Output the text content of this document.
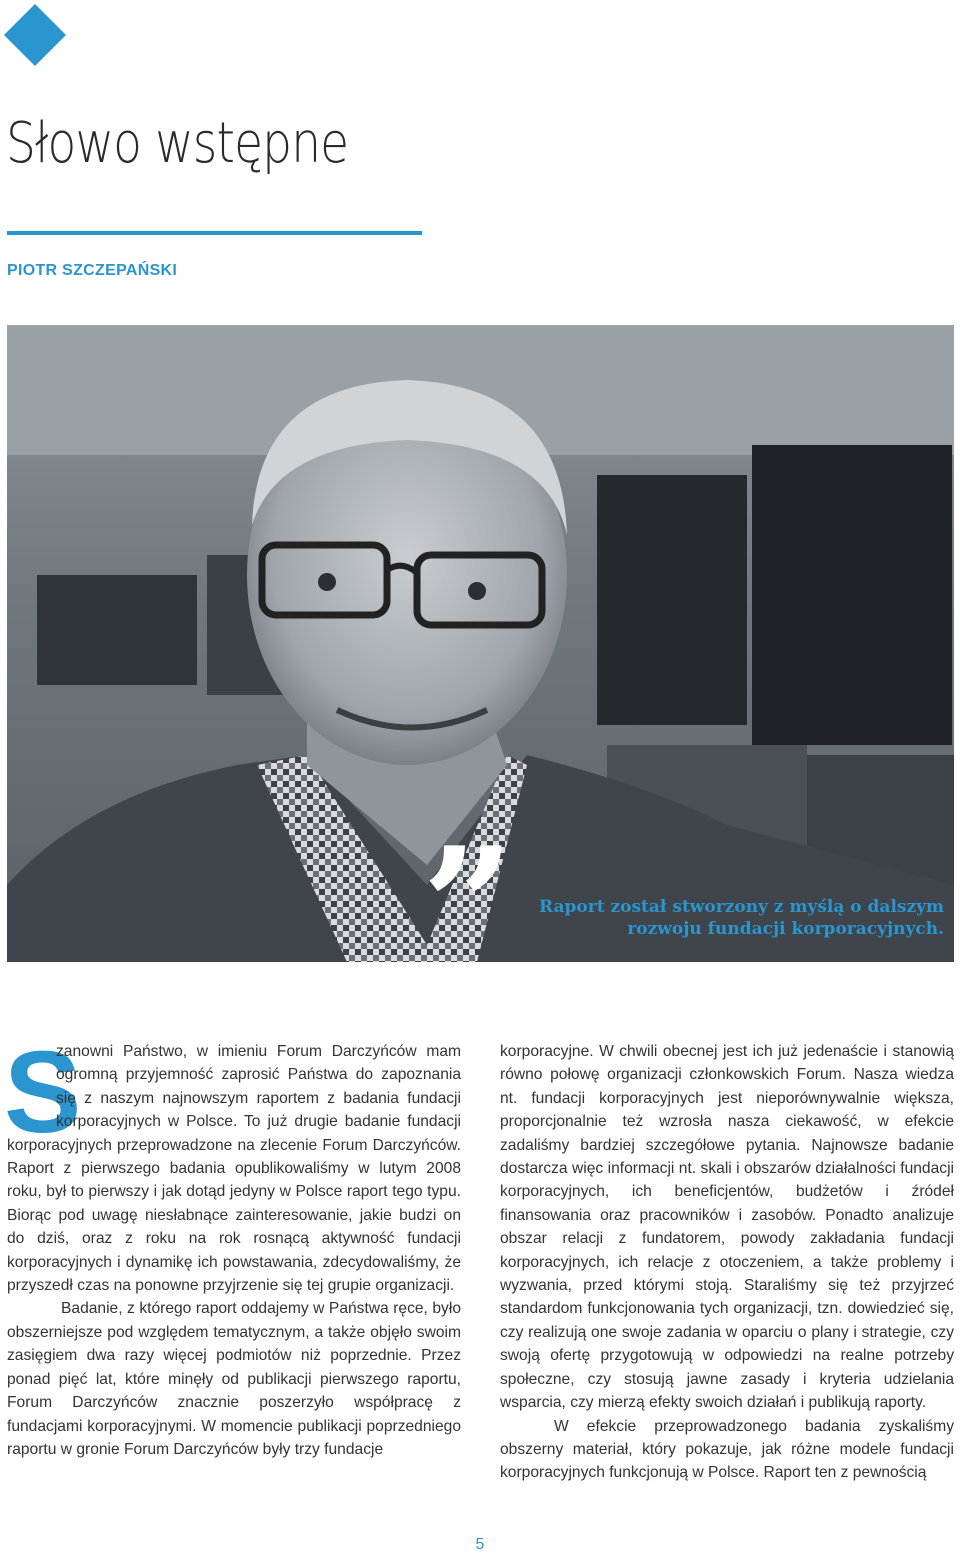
Słowo wstępne
PIOTR SZCZEPAŃSKI
”	Raport został stworzony z myślą o dalszym rozwoju fundacji korporacyjnych.
S

zanowni Państwo, w imieniu Forum Darczyńców mam ogromną przyjemność zaprosić Państwa do zapoznania się z naszym najnowszym raportem z badania fundacji korporacyjnych w Polsce. To już drugie badanie fundacji korporacyjnych przeprowadzone na zlecenie Forum Darczyńców. Raport z pierwszego badania opublikowaliśmy w lutym 2008 roku, był to pierwszy i jak dotąd jedyny w Polsce raport tego typu. Biorąc pod uwagę niesłabnące zainteresowanie, jakie budzi on do dziś, oraz z roku na rok rosnącą aktywność fundacji korporacyjnych i dynamikę ich powstawania, zdecydowaliśmy, że przyszedł czas na ponowne przyjrzenie się tej grupie organizacji.

Badanie, z którego raport oddajemy w Państwa ręce, było obszerniejsze pod względem tematycznym, a także objęło swoim zasięgiem dwa razy więcej podmiotów niż poprzednie. Przez ponad pięć lat, które minęły od publikacji pierwszego raportu, Forum Darczyńców znacznie poszerzyło współpracę z fundacjami korporacyjnymi. W momencie publikacji poprzedniego raportu w gronie Forum Darczyńców były trzy fundacje

korporacyjne. W chwili obecnej jest ich już jedenaście i stanowią równo połowę organizacji członkowskich Forum. Nasza wiedza nt. fundacji korporacyjnych jest nieporównywalnie większa, proporcjonalnie też wzrosła nasza ciekawość, w efekcie zadaliśmy bardziej szczegółowe pytania. Najnowsze badanie dostarcza więc informacji nt. skali i obszarów działalności fundacji korporacyjnych, ich beneficjentów, budżetów i źródeł finansowania oraz pracowników i zasobów. Ponadto analizuje obszar relacji z fundatorem, powody zakładania fundacji korporacyjnych, ich relacje z otoczeniem, a także problemy i wyzwania, przed którymi stoją. Staraliśmy się też przyjrzeć standardom funkcjonowania tych organizacji, tzn. dowiedzieć się, czy realizują one swoje zadania w oparciu o plany i strategie, czy swoją ofertę przygotowują w odpowiedzi na realne potrzeby społeczne, czy stosują jawne zasady i kryteria udzielania wsparcia, czy mierzą efekty swoich działań i publikują raporty.

W efekcie przeprowadzonego badania zyskaliśmy obszerny materiał, który pokazuje, jak różne modele fundacji korporacyjnych funkcjonują w Polsce. Raport ten z pewnością

5
